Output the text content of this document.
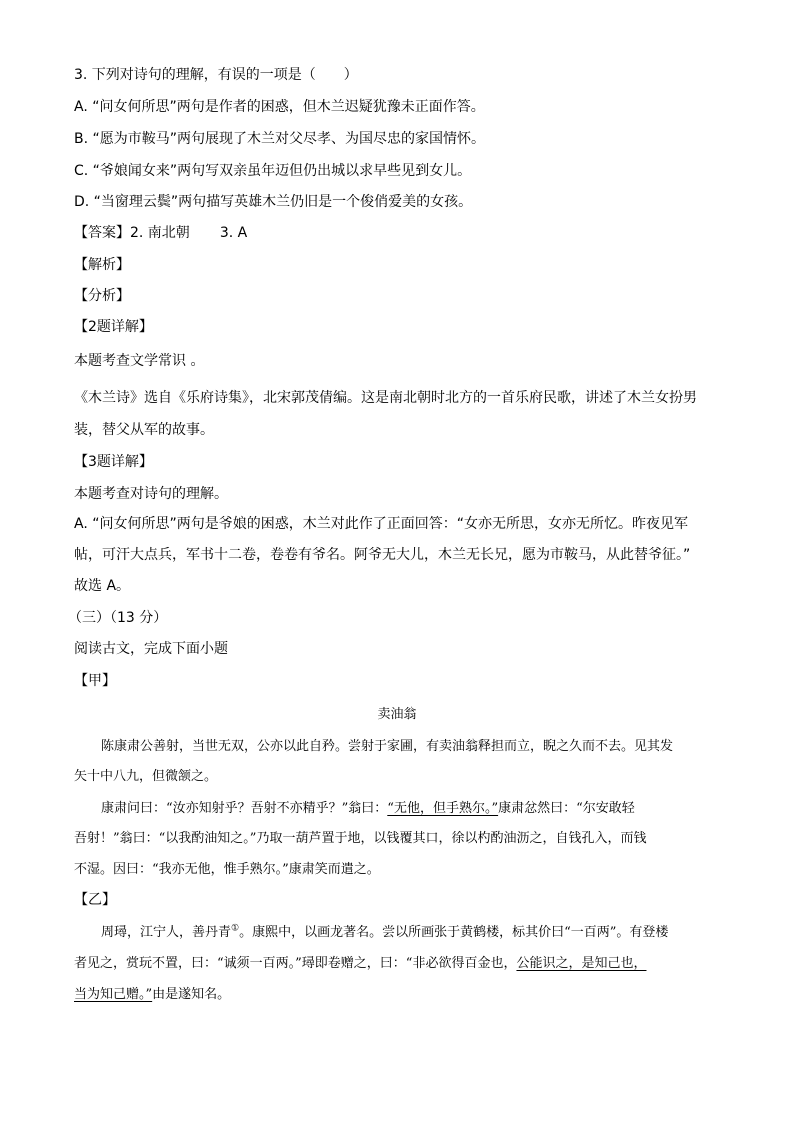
3. 下列对诗句的理解，有误的一项是（　　）
A. “问女何所思”两句是作者的困惑，但木兰迟疑犹豫未正面作答。
B. “愿为市鞍马”两句展现了木兰对父尽孝、为国尽忠的家国情怀。
C. “爷娘闻女来”两句写双亲虽年迈但仍出城以求早些见到女儿。
D. “当窗理云鬓”两句描写英雄木兰仍旧是一个俊俏爱美的女孩。
【答案】2. 南北朝 3. A
【解析】
【分析】
【2题详解】
本题考查文学常识 。
《木兰诗》选自《乐府诗集》，北宋郭茂倩编。这是南北朝时北方的一首乐府民歌，讲述了木兰女扮男
装，替父从军的故事。
【3题详解】
本题考查对诗句的理解。
A. “问女何所思”两句是爷娘的困惑，木兰对此作了正面回答：“女亦无所思，女亦无所忆。昨夜见军
帖，可汗大点兵，军书十二卷，卷卷有爷名。阿爷无大儿，木兰无长兄，愿为市鞍马，从此替爷征。”
故选 A。
（三）（13 分）
阅读古文，完成下面小题
【甲】
卖油翁
陈康肃公善射，当世无双，公亦以此自矜。尝射于家圃，有卖油翁释担而立，睨之久而不去。见其发
矢十中八九，但微颔之。
康肃问曰：“汝亦知射乎？吾射不亦精乎？”翁曰：“无他，但手熟尔。”康肃忿然曰：“尔安敢轻
吾射！”翁曰：“以我酌油知之。”乃取一葫芦置于地，以钱覆其口，徐以杓酌油沥之，自钱孔入，而钱
不湿。因曰：“我亦无他，惟手熟尔。”康肃笑而遣之。
【乙】
周璕，江宁人，善丹青①。康熙中，以画龙著名。尝以所画张于黄鹤楼，标其价曰“一百两”。有登楼
者见之，赏玩不置，曰：“诚须一百两。”璕即卷赠之，曰：“非必欲得百金也，公能识之，是知己也，
当为知己赠。”由是遂知名。
